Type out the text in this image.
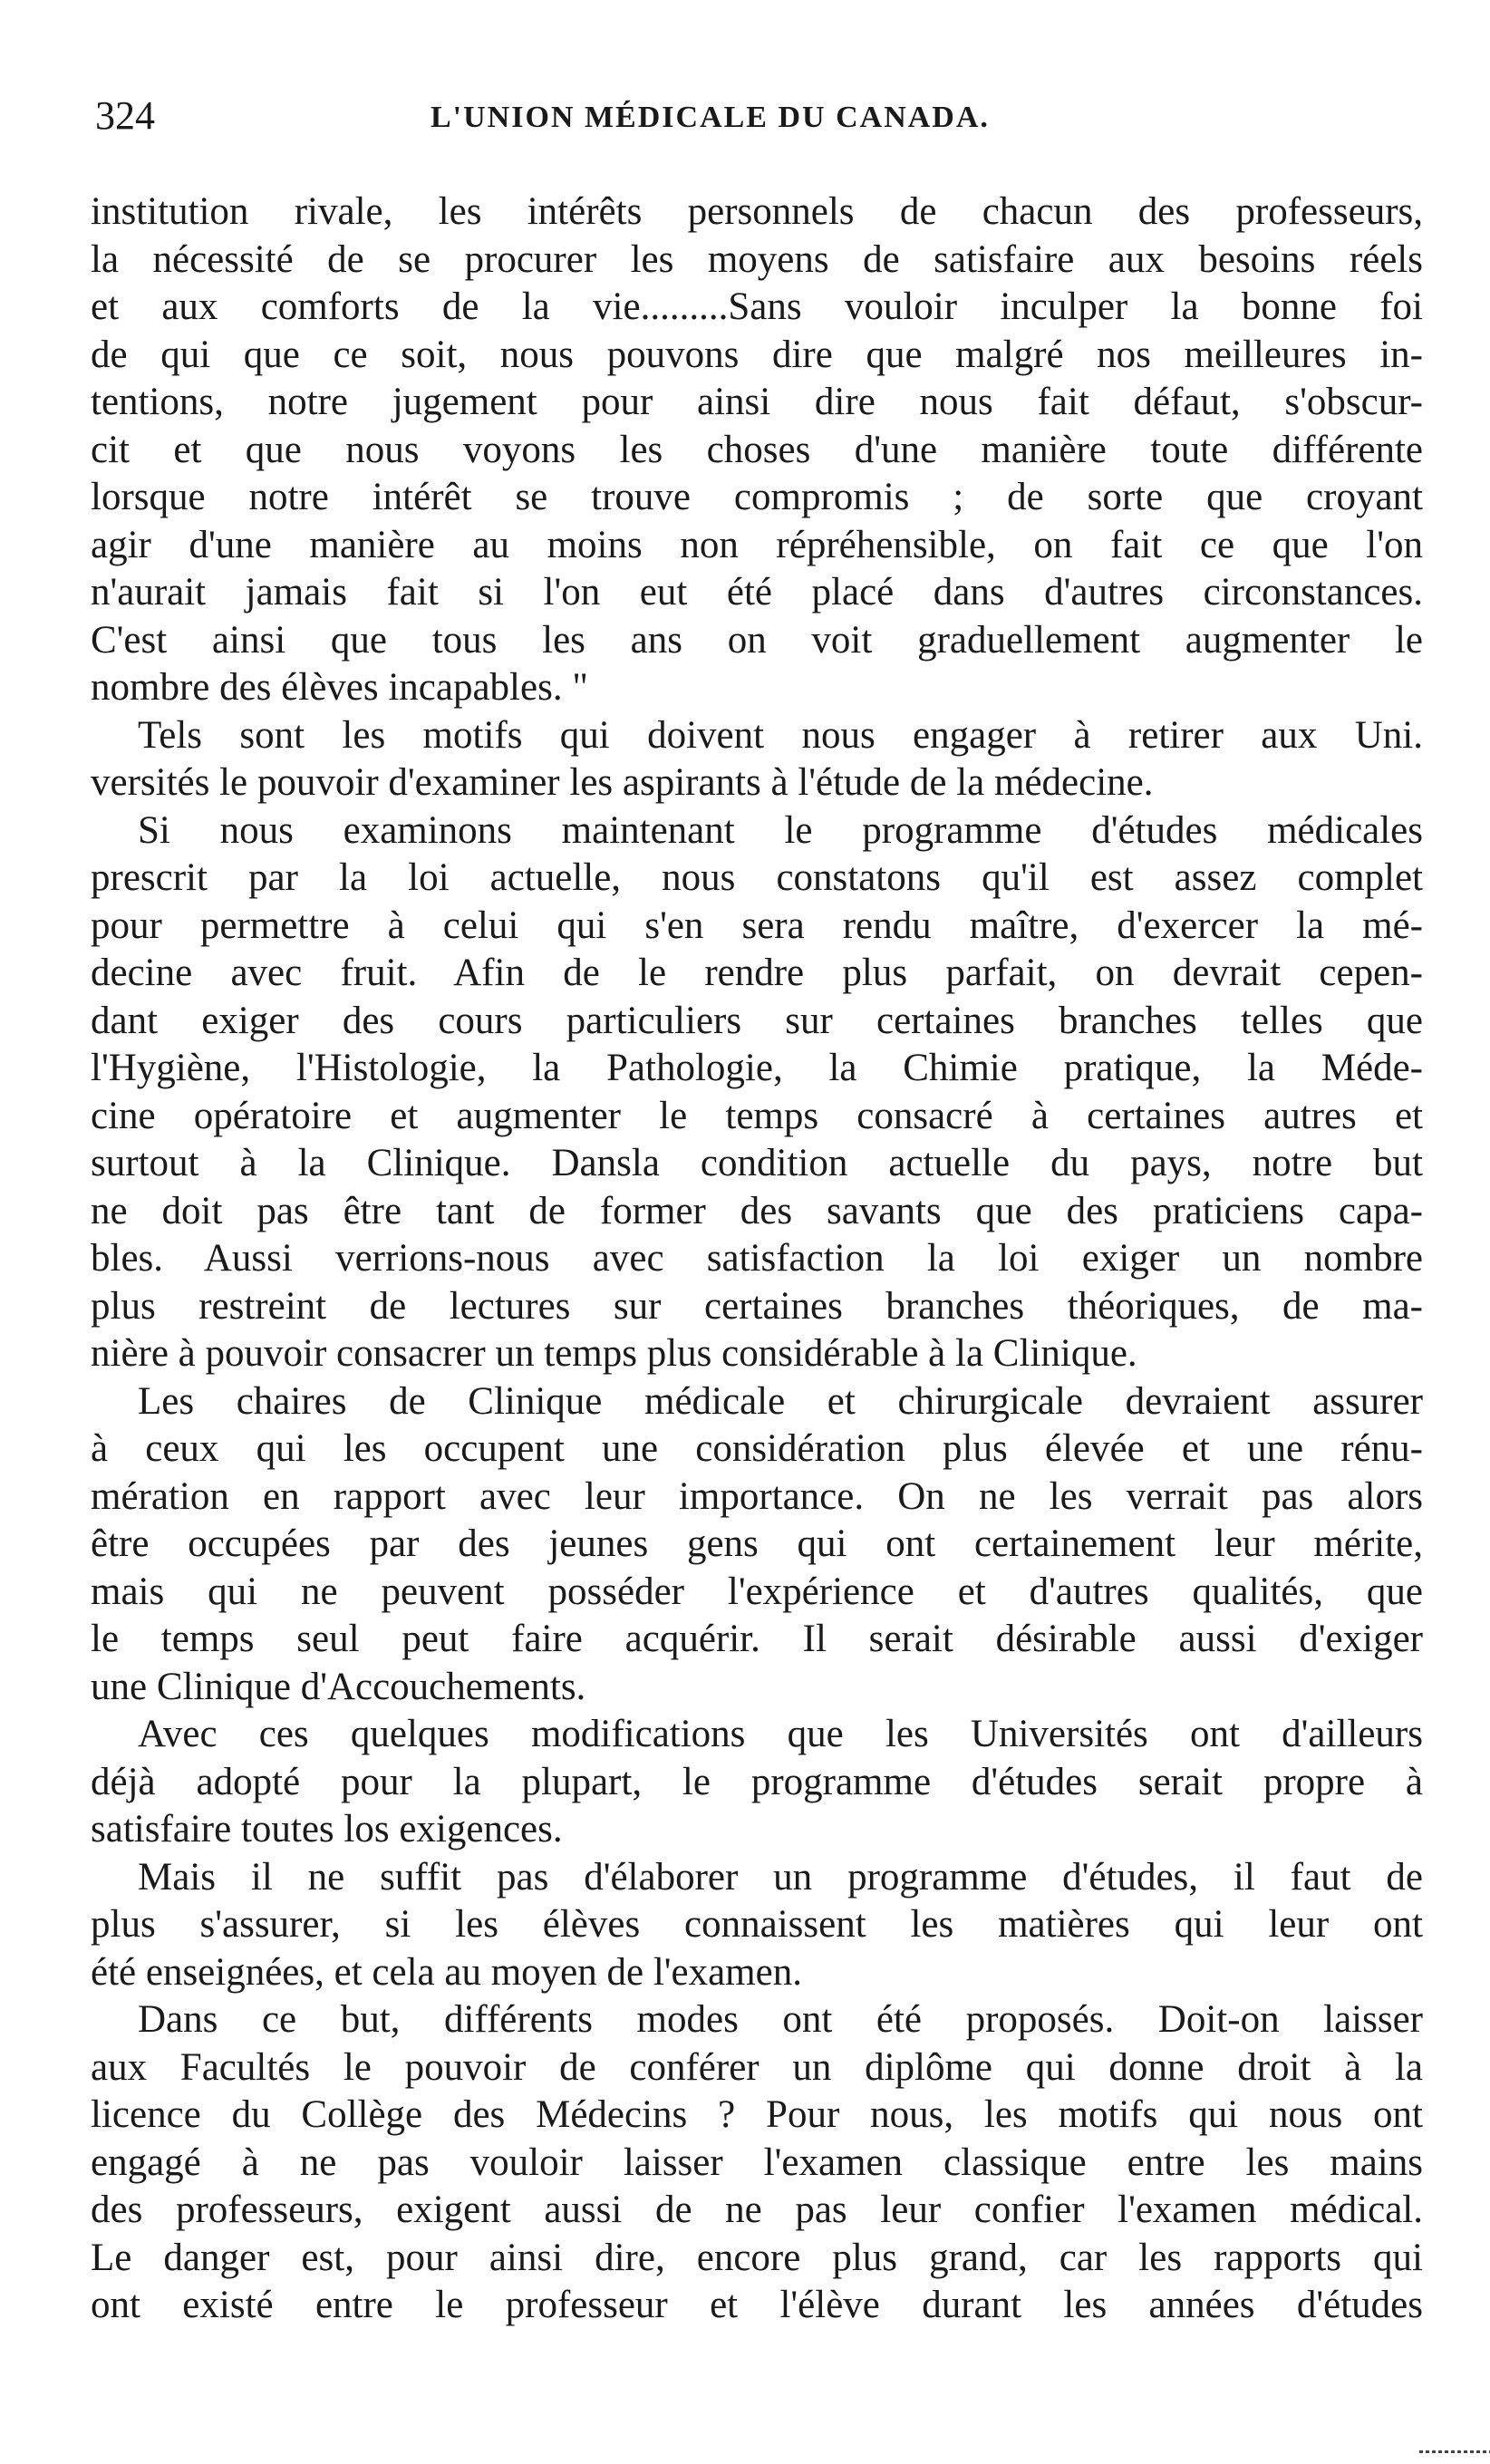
324	L'UNION MÉDICALE DU CANADA.
institution rivale, les intérêts personnels de chacun des professeurs,
la nécessité de se procurer les moyens de satisfaire aux besoins réels
et aux comforts de la vie.........Sans vouloir inculper la bonne foi
de qui que ce soit, nous pouvons dire que malgré nos meilleures in-
tentions, notre jugement pour ainsi dire nous fait défaut, s'obscur-
cit et que nous voyons les choses d'une manière toute différente
lorsque notre intérêt se trouve compromis ; de sorte que croyant
agir d'une manière au moins non répréhensible, on fait ce que l'on
n'aurait jamais fait si l'on eut été placé dans d'autres circonstances.
C'est ainsi que tous les ans on voit graduellement augmenter le
nombre des élèves incapables. "
Tels sont les motifs qui doivent nous engager à retirer aux Uni.
versités le pouvoir d'examiner les aspirants à l'étude de la médecine.
Si nous examinons maintenant le programme d'études médicales
prescrit par la loi actuelle, nous constatons qu'il est assez complet
pour permettre à celui qui s'en sera rendu maître, d'exercer la mé-
decine avec fruit. Afin de le rendre plus parfait, on devrait cepen-
dant exiger des cours particuliers sur certaines branches telles que
l'Hygiène, l'Histologie, la Pathologie, la Chimie pratique, la Méde-
cine opératoire et augmenter le temps consacré à certaines autres et
surtout à la Clinique. Dansla condition actuelle du pays, notre but
ne doit pas être tant de former des savants que des praticiens capa-
bles. Aussi verrions-nous avec satisfaction la loi exiger un nombre
plus restreint de lectures sur certaines branches théoriques, de ma-
nière à pouvoir consacrer un temps plus considérable à la Clinique.
Les chaires de Clinique médicale et chirurgicale devraient assurer
à ceux qui les occupent une considération plus élevée et une rénu-
mération en rapport avec leur importance. On ne les verrait pas alors
être occupées par des jeunes gens qui ont certainement leur mérite,
mais qui ne peuvent posséder l'expérience et d'autres qualités, que
le temps seul peut faire acquérir. Il serait désirable aussi d'exiger
une Clinique d'Accouchements.
Avec ces quelques modifications que les Universités ont d'ailleurs
déjà adopté pour la plupart, le programme d'études serait propre à
satisfaire toutes los exigences.
Mais il ne suffit pas d'élaborer un programme d'études, il faut de
plus s'assurer, si les élèves connaissent les matières qui leur ont
été enseignées, et cela au moyen de l'examen.
Dans ce but, différents modes ont été proposés. Doit-on laisser
aux Facultés le pouvoir de conférer un diplôme qui donne droit à la
licence du Collège des Médecins ? Pour nous, les motifs qui nous ont
engagé à ne pas vouloir laisser l'examen classique entre les mains
des professeurs, exigent aussi de ne pas leur confier l'examen médical.
Le danger est, pour ainsi dire, encore plus grand, car les rapports qui
ont existé entre le professeur et l'élève durant les années d'études
